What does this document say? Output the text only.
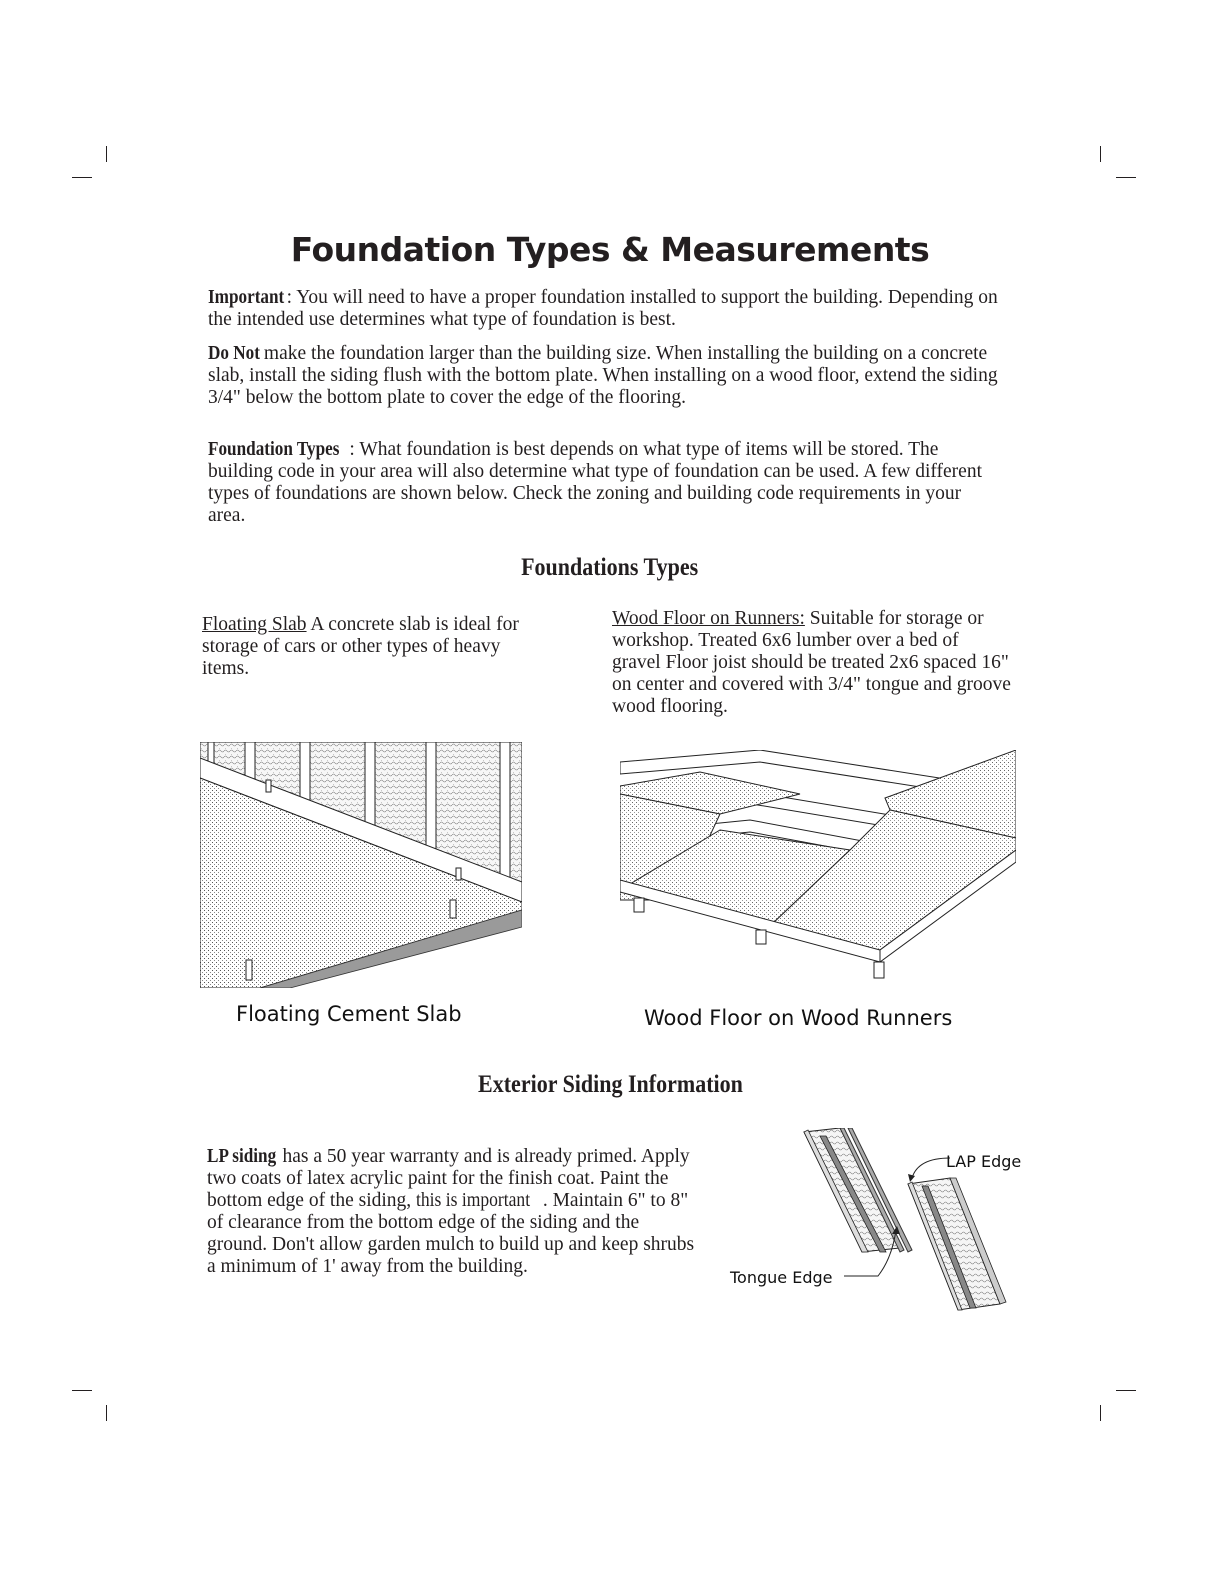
Foundation Types & Measurements
Important : You will need to have a proper foundation installed to support the building. Depending on the intended use determines what type of foundation is best.
Do Not make the foundation larger than the building size. When installing the building on a concrete slab, install the siding flush with the bottom plate. When installing on a wood floor, extend the siding 3/4" below the bottom plate to cover the edge of the flooring.
Foundation Types : What foundation is best depends on what type of items will be stored. The building code in your area will also determine what type of foundation can be used. A few different types of foundations are shown below. Check the zoning and building code requirements in your area.
Foundations Types
Floating Slab A concrete slab is ideal for storage of cars or other types of heavy items.
Wood Floor on Runners: Suitable for storage or workshop. Treated 6x6 lumber over a bed of gravel Floor joist should be treated 2x6 spaced 16" on center and covered with 3/4" tongue and groove wood flooring.
Floating Cement Slab	Wood Floor on Wood Runners
Exterior Siding Information
LP siding has a 50 year warranty and is already primed. Apply two coats of latex acrylic paint for the finish coat. Paint the bottom edge of the siding, this is important . Maintain 6" to 8" of clearance from the bottom edge of the siding and the ground. Don't allow garden mulch to build up and keep shrubs a minimum of 1' away from the building.
LAP Edge
Tongue Edge
